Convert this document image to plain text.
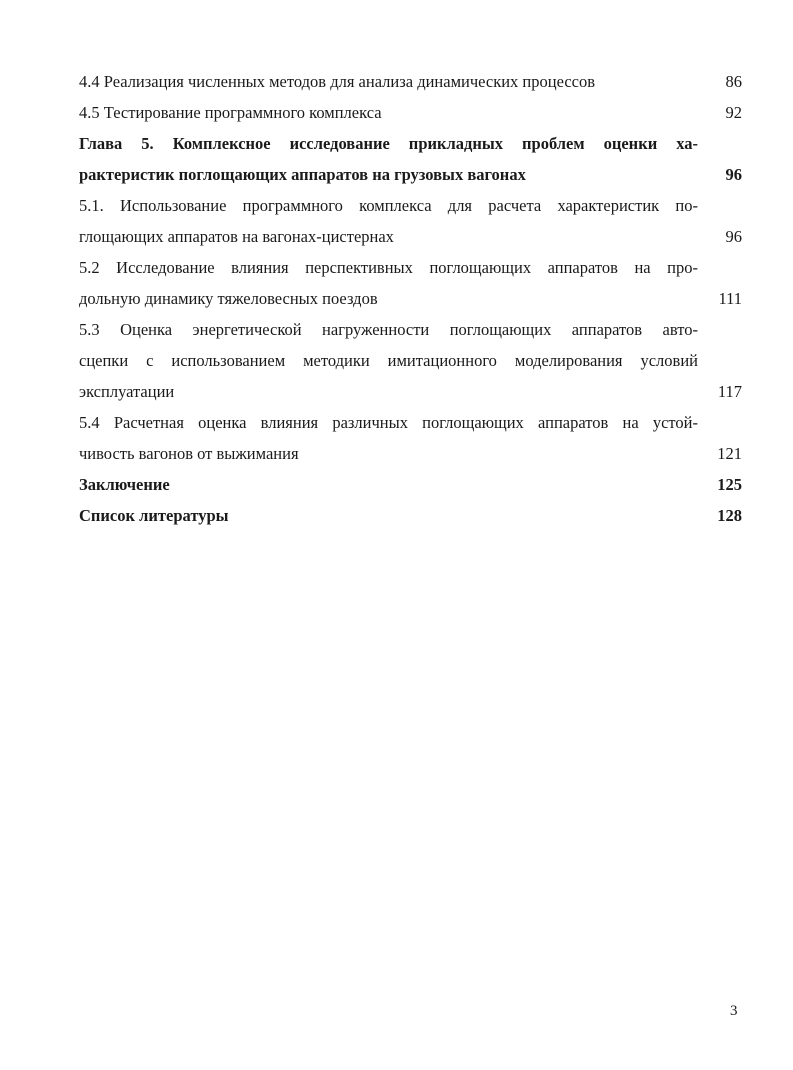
4.4 Реализация численных методов для анализа динамических процессов	86
4.5 Тестирование программного комплекса	92
Глава 5. Комплексное исследование прикладных проблем оценки ха-
рактеристик поглощающих аппаратов на грузовых вагонах	96
5.1. Использование программного комплекса для расчета характеристик по-
глощающих аппаратов на вагонах-цистернах	96
5.2 Исследование влияния перспективных поглощающих аппаратов на про-
дольную динамику тяжеловесных поездов	111
5.3 Оценка энергетической нагруженности поглощающих аппаратов авто-
сцепки с использованием методики имитационного моделирования условий
эксплуатации	117
5.4 Расчетная оценка влияния различных поглощающих аппаратов на устой-
чивость вагонов от выжимания	121
Заключение	125
Список литературы	128
3
